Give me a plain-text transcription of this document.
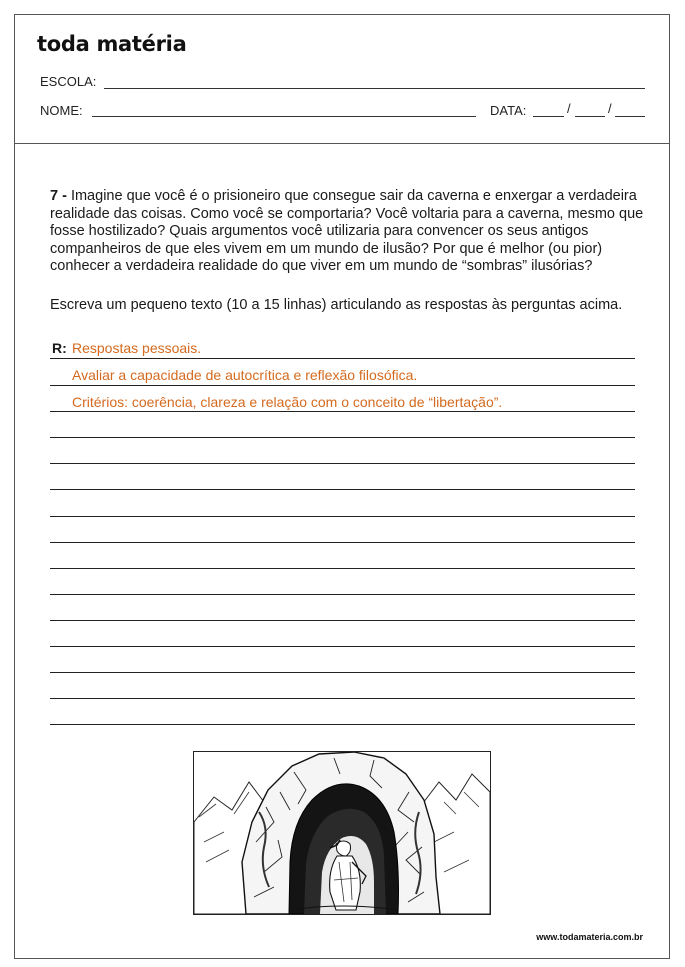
toda matéria
ESCOLA:
NOME:	DATA:	/	/
7 - Imagine que você é o prisioneiro que consegue sair da caverna e enxergar a verdadeira realidade das coisas. Como você se comportaria? Você voltaria para a caverna, mesmo que fosse hostilizado? Quais argumentos você utilizaria para convencer os seus antigos companheiros de que eles vivem em um mundo de ilusão? Por que é melhor (ou pior) conhecer a verdadeira realidade do que viver em um mundo de “sombras” ilusórias?
Escreva um pequeno texto (10 a 15 linhas) articulando as respostas às perguntas acima.
R: Respostas pessoais.
Avaliar a capacidade de autocrítica e reflexão filosófica.
Critérios: coerência, clareza e relação com o conceito de “libertação”.
www.todamateria.com.br
